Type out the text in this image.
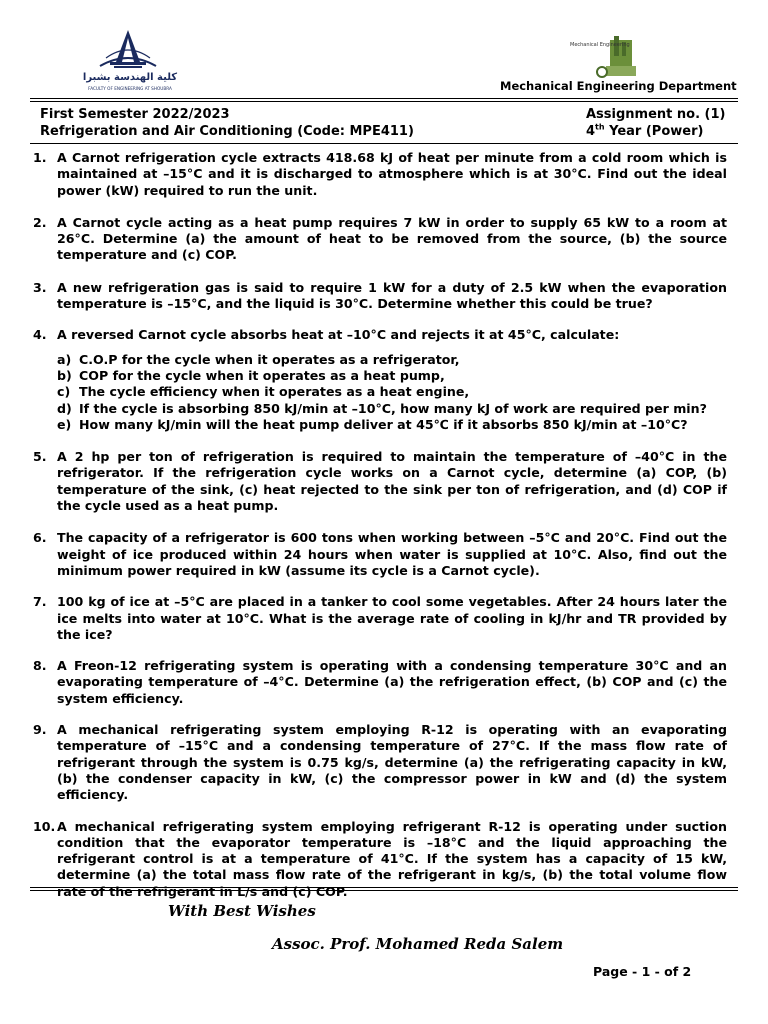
كلية الهندسة بشبرا
FACULTY OF ENGINEERING AT SHOUBRA
Mechanical Engineering
Mechanical Engineering Department
First Semester 2022/2023
Refrigeration and Air Conditioning (Code: MPE411)
Assignment no. (1)
4th Year (Power)
1. A Carnot refrigeration cycle extracts 418.68 kJ of heat per minute from a cold room which is maintained at –15°C and it is discharged to atmosphere which is at 30°C. Find out the ideal power (kW) required to run the unit.
2. A Carnot cycle acting as a heat pump requires 7 kW in order to supply 65 kW to a room at 26°C. Determine (a) the amount of heat to be removed from the source, (b) the source temperature and (c) COP.
3. A new refrigeration gas is said to require 1 kW for a duty of 2.5 kW when the evaporation temperature is –15°C, and the liquid is 30°C. Determine whether this could be true?
4. A reversed Carnot cycle absorbs heat at –10°C and rejects it at 45°C, calculate:
a) C.O.P for the cycle when it operates as a refrigerator,
b) COP for the cycle when it operates as a heat pump,
c) The cycle efficiency when it operates as a heat engine,
d) If the cycle is absorbing 850 kJ/min at –10°C, how many kJ of work are required per min?
e) How many kJ/min will the heat pump deliver at 45℃ if it absorbs 850 kJ/min at –10°C?
5. A 2 hp per ton of refrigeration is required to maintain the temperature of –40°C in the refrigerator. If the refrigeration cycle works on a Carnot cycle, determine (a) COP, (b) temperature of the sink, (c) heat rejected to the sink per ton of refrigeration, and (d) COP if the cycle used as a heat pump.
6. The capacity of a refrigerator is 600 tons when working between –5°C and 20°C. Find out the weight of ice produced within 24 hours when water is supplied at 10°C. Also, find out the minimum power required in kW (assume its cycle is a Carnot cycle).
7. 100 kg of ice at –5°C are placed in a tanker to cool some vegetables. After 24 hours later the ice melts into water at 10°C. What is the average rate of cooling in kJ/hr and TR provided by the ice?
8. A Freon-12 refrigerating system is operating with a condensing temperature 30°C and an evaporating temperature of –4°C. Determine (a) the refrigeration effect, (b) COP and (c) the system efficiency.
9. A mechanical refrigerating system employing R-12 is operating with an evaporating temperature of –15°C and a condensing temperature of 27°C. If the mass flow rate of refrigerant through the system is 0.75 kg/s, determine (a) the refrigerating capacity in kW, (b) the condenser capacity in kW, (c) the compressor power in kW and (d) the system efficiency.
10. A mechanical refrigerating system employing refrigerant R-12 is operating under suction condition that the evaporator temperature is –18°C and the liquid approaching the refrigerant control is at a temperature of 41°C. If the system has a capacity of 15 kW, determine (a) the total mass flow rate of the refrigerant in kg/s, (b) the total volume flow rate of the refrigerant in L/s and (c) COP.
With Best Wishes
Assoc. Prof. Mohamed Reda Salem
Page - 1 - of 2
